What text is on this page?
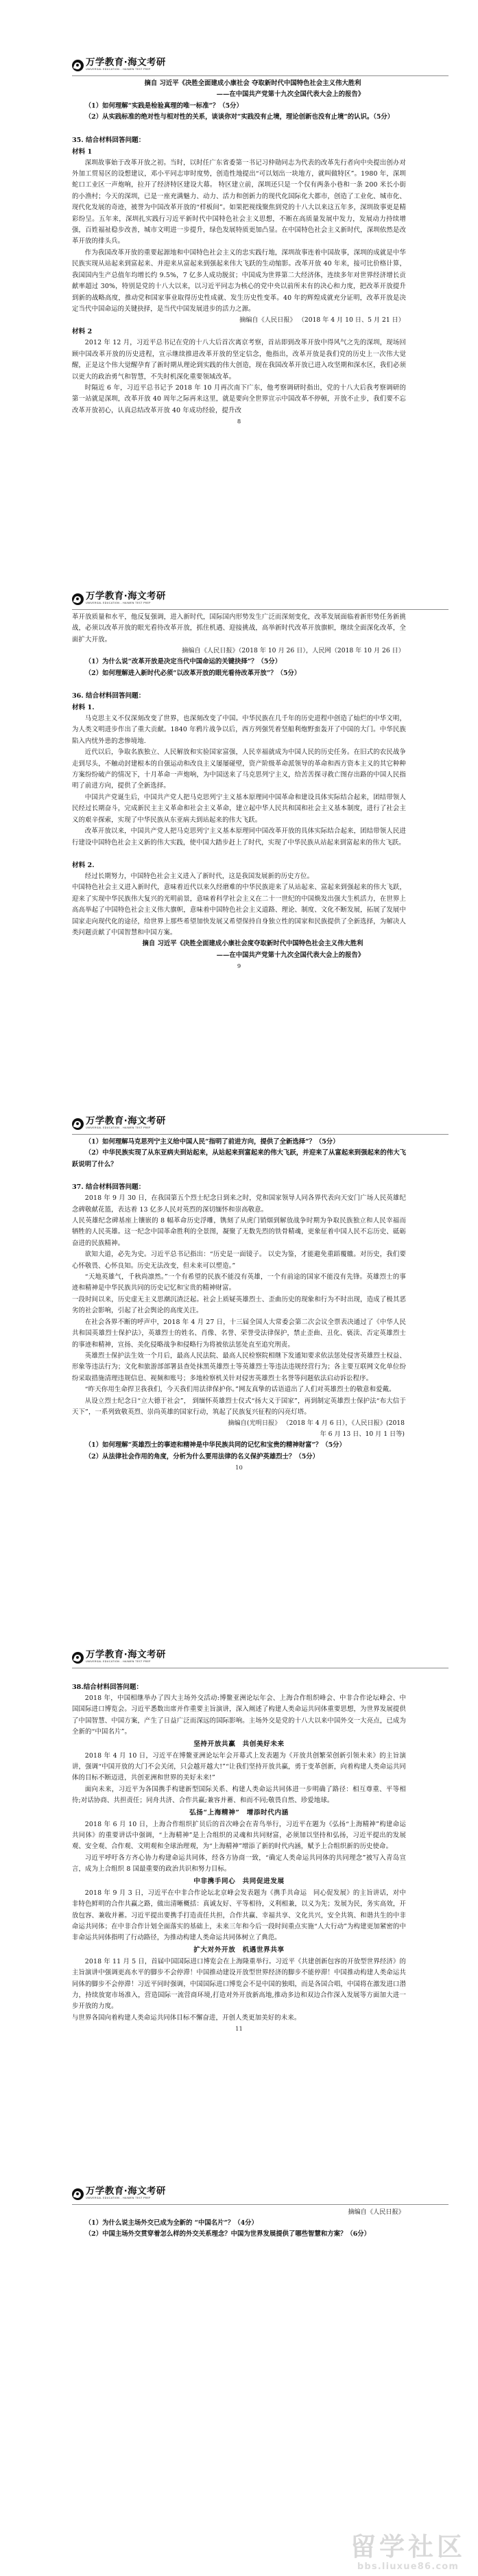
万学教育·海文考研
UNIVERSAL EDUCATION - HAIWEN TEST PREP

摘自 习近平《决胜全面建成小康社会 夺取新时代中国特色社会主义伟大胜利

——在中国共产党第十九次全国代表大会上的报告》

（1）如何理解“实践是检验真理的唯一标准”？（5分）

（2）从实践标准的绝对性与相对性的关系，谈谈你对“实践没有止境，理论创新也没有止境”的认识。（5分）

35. 结合材料回答问题：

材料 1

深圳故事始于改革开放之初。当时，以时任广东省委第一书记习仲勋同志为代表的改革先行者向中央提出创办对外加工贸易区的设想建议，邓小平同志审时度势，创造性地提出“可以划出一块地方，就叫做特区”。1980 年，深圳蛇口工业区一声炮响，拉开了经济特区建设大幕。 特区建立前，深圳还只是一个仅有两条小巷和一条 200 米长小街的小渔村；今天的深圳，已是一座充满魅力、动力、活力和创新力的现代化国际化大都市，创造了工业化、城市化、现代化发展的奇迹，被誉为中国改革开放的“样板间”。如果把视线聚焦到党的十八大以来这五年多，深圳故事更是精彩纷呈。五年来，深圳扎实践行习近平新时代中国特色社会主义思想，不断在高质量发展中发力，发展动力持续增强，百姓福祉稳步改善，城市文明进一步提升，绿色发展特质更加凸显。在中国特色社会主义新时代，深圳依然是改革开放的排头兵。

作为我国改革开放的重要起源地和中国特色社会主义的忠实践行地，深圳故事连着中国故事，深圳的成就是中华民族实现从站起来到富起来、并迎来从富起来到强起来伟大飞跃的生动缩影。改革开放 40 年来，接可比价格计算，我国国内生产总值年均增长约 9.5%，7 亿多人成功脱贫；中国成为世界第二大经济体，连续多年对世界经济增长贡献率超过 30%，特别是党的十八大以来，以习近平同志为核心的党中央以前所未有的决心和力度，把改革开放提升到新的战略高度，推动党和国家事业取得历史性成就、发生历史性变革。40 年的辉煌成就充分证明，改革开放是决定当代中国命运的关键抉择，是当代中国发展进步的活力之源。

摘编自《人民日报》 （2018 年 4 月 10 日、5 月 21 日）

材料 2

2012 年 12 月，习近平总书记在党的十八大后首次离京考察，首站即到改革开放中得风气之先的深圳，现场回顾中国改革开放的历史进程，宣示继续推进改革开放的坚定信念，他指出，改革开放是我们党的历史上一次伟大觉醒，正是这个伟大觉醒孕育了新时期从理论到实践的伟大创造，现在我国改革开放已进入攻坚期和深水区，我们必须以更大的政治勇气和智慧，不失时机深化重要领域改革。

时隔近 6 年，习近平总书记予 2018 年 10 月再次南下广东，他考察调研时指出，党的十八大后我考察调研的第一站就是深圳，改革开放 40 周年之际再来这里，就是要向全世界宣示中国改革不停顿，开放不止步，我们要不忘改革开放初心，认真总结改革开放 40 年成功经验，提升改

8

万学教育·海文考研
UNIVERSAL EDUCATION - HAIWEN TEST PREP

革开放质量和水平，他反复强调，进入新时代，国际国内形势发生广泛而深刻变化，改革发展面临着新形势任务新挑战，必须以改革开放的眼光看待改革开放，抓住机遇、迎接挑战，高举新时代改革开放旗帜，继续全面深化改革，全面扩大开放。

摘编自《人民日报》（2018 年 10 月 26 日），人民网（2018 年 10 月 26 日）

（1）为什么说“改革开放是决定当代中国命运的关键抉择”？（5分）

（2）如何理解进入新时代必须“以改革开放的眼光看待改革开放”？（5分）

36. 结合材料回答问题：

材料 1.

马克思主义不仅深刻改变了世界，也深刻改变了中国。中华民族在几千年的历史进程中创造了灿烂的中华文明，为人类文明进步作出了重大贡献。1840 年鸦片战争以后，西方列强凭着坚船利炮野蛮轰开了中国的大门。中华民族陷入内忧外患的悲惨境地.

近代以后，争取名族独立、人民解放和实验国家富强，人民幸福就成为中国人民的历史任务。在旧式的农民战争走到尽头，不触动封建根本的自强运动和改良主义屡屡碰壁，资产阶级革命派领导的革命和西方资本主义的其它种种方案纷纷破产的情况下，十月革命一声炮响，为中国送来了马克思列宁主义，给苦苦探寻救亡图存出路的中国人民指明了前进方向，提供了全新选择。

中国共产党诞生后，中国共产党人把马克思列宁主义基本原理同中国革命和建设具体实际结合起来，团结带领人民经过长期奋斗，完成新民主主义革命和社会主义革命，建立起中华人民共和国和社会主义基本制度，进行了社会主义的艰辛探索，实现了中华民族从东亚病夫到站起来的伟大飞跃。

改革开放以来，中国共产党人把马克思列宁主义基本原理同中国改革开放的具体实际结合起来，团结带领人民进行建设中国特色社会主义新的伟大实践，使中国大踏步赶上了时代，实现了中华民族从站起来到富起来的伟大飞跃。

材料 2.

经过长期努力，中国特色社会主义进入了新时代，这是我国发展新的历史方位。

中国特色社会主义进入新时代，意味着近代以来久经磨难的中华民族迎来了从站起来、富起来到强起来的伟大飞跃，迎来了实现中华民族伟大复兴的光明前景，意味着科学社会主义在二十一世纪的中国焕发出强大生机活力，在世界上高高举起了中国特色社会主义伟大旗帜，意味着中国特色社会主义道路、理论、制度、文化不断发展，拓展了发展中国家走向现代化的途径，给世界上那些希望加快发展又希望保持自身独立性的国家和民族提供了全新选择，为解决人类问题贡献了中国智慧和中国方案。

摘自 习近平《决胜全面建成小康社会度夺取新时代中国特色社会主义伟大胜利

——在中国共产党第十九次全国代表大会上的报告》

9

万学教育·海文考研
UNIVERSAL EDUCATION - HAIWEN TEST PREP

（1）如何理解马克思列宁主义给中国人民“指明了前进方向，提供了全新选择”？（5分）

（2）中华民族实现了从东亚病夫到站起来，从站起来到富起来的伟大飞跃，并迎来了从富起来到强起来的伟大飞跃说明了什么？

37. 结合材料回答问题：

2018 年 9 月 30 日，在我国第五个烈士纪念日到来之时，党和国家领导人同各界代表向天安门广场人民英雄纪念碑敬献花篮，表达着 13 亿多人民对英烈的深切缅怀和崇高敬意。

人民英雄纪念碑基座上镶嵌的 8 幅革命历史浮雕，镌刻了从虎门销烟到解放战争时期为争取民族独立和人民幸福而牺牲的人民英雄。这一纪念中国革命胜利的全景图，凝聚了无数先烈的铁骨精魂，更象征着中国人民不忘历史、砥砺奋进的民族精神。

欲知大道，必先为史。习近平总书记指出：“历史是一面镜子。 以史为鉴，才能避免重蹈覆辙。对历史，我们要心怀敬畏、心怀良知。历史无法改变，但未来可以塑造。”

“天地英雄气，千秋尚凛然。”一个有希望的民族不能没有英雄，一个有前途的国家不能没有先锋。英雄烈士的事迹和精神是中华民族共同的历史记忆和宝贵的精神财富。

一段时间以来，历史虚无主义思潮沉渣泛起。社会上质疑英雄烈士、歪曲历史的现象和行为不时出现，造成了极其恶劣的社会影响，引起了社会舆论的高度关注。

在社会各界不断的呼声中，2018 年 4 月 27 日，十三届全国人大常委会第二次会议全票表决通过了《中华人民共和国英雄烈士保护法》，英雄烈士的姓名、肖像、名誉、荣誉受法律保护，禁止歪曲、丑化、亵渎、否定英雄烈士的事迹和精神，宣扬、美化侵略战争和侵略行为将被依法惩处直至追究刑责。

英雄烈士保护法生效一个月后，最高人民法院、最高人民检察院相继下发通知要求依法惩处侵害英雄烈士权益、形象等违法行为；文化和旅游部部署县查处抹黑英雄烈士等英雄烈士等违法违规经营行为；各主要互联网文化单位纷纷采取措施清理违规信息、视频和账号；多地检察机关针对侵害英雄烈士名誉等问题依法启动诉讼程序。

“昨天你用生命捍卫我我们，今天我们用法律保护你。”网友真挚的话语道出了人们对英雄烈士的敬意和爱戴。

从设立烈士纪念日“立大德于社会”， 到缅怀英雄烈士仪式“扬大义于国家”，再到制定英雄烈士保护法“布大信于天下”，一系列致敬英烈、崇尚英雄的国家行动，筑起了民族复兴征程的闪亮灯塔。

摘编自(光明日报》 （2018 年 4 月 6 日），《人民日报》(2018

年 6 月 13 日、10 月 1 日等)

（1）如何理解“英雄烈士的事迹和精神是中华民族共同的记忆和宝贵的精神财富”？（5分）

（2）从法律社会作用的角度，分析为什么要用法律的名义保护英雄烈士？（5分）

10

万学教育·海文考研
UNIVERSAL EDUCATION - HAIWEN TEST PREP

38.结合材料回答问题：

2018 年，中国相继举办了四大主场外交活动:博鳌亚洲论坛年会、上海合作组织峰会、中非合作论坛峰会、中国国际进口博览会。习近平悉数出席并作重要主旨演讲，深入阐述了构建人类命运共同体重要思想，为世界发展提供了中国智慧、中国方案，产生了日益广泛而深远的国际影响。主场外交是党的十八大以来中国外交一大亮点，已成为全新的“中国名片”。

坚持开放共赢　共创美好未来

2018 年 4 月 10 日，习近平在博鳌亚洲论坛年会开幕式上发表题为《开放共创繁荣创新引领未来》的主旨演讲，强调“中国开放的大门不会关闭，只会越开越大!”“让我们坚持开放共赢，勇于变革创新，向着构建人类命运共同体的目标不断迈进，共创亚洲和世界的美好未来!”

面向未来，习近平为各国携手构建新型国际关系、构建人类命运共同体进一步明确了路径：相互尊重、平等相待;对话协商、共担责任；同舟共济、合作共赢;兼容并蓄、和而不同;敬畏自然、珍爱地球。

弘扬“上海精神”　增添时代内涵

2018 年 6 月 10 日，上海合作组织扩员后的首次峰会在青鸟举行，习近平在题为《弘扬“上海精神”构建命运共同体》的重要讲话中强调，“上海精神”是上合组织的灵魂和共同财富，必须加以坚持和弘扬，习近平提出的发展观、安全观、合作观、文明观和全球治理观，为“上海精神”增添了新的时代内涵，赋予上合组织新的历史使命。

习近平呼吁各方齐心协力构建命运共同体，经各方协商一致，“确定人类命运共同体的共同理念”被写入青岛宣言，成为上合组织 8 国最重要的政治共识和努力目标。

中非携手同心　共同促进发展

2018 年 9 月 3 日，习近平在中非合作论坛北京峰会发表题为《携手共命运　同心促发展》的主旨讲话，对中非特色鲜明的合作共赢之路，做出清晰概括：真诚友好、平等相待，义利相兼，以义为先；发展为民，务实高效，开放包容、兼收并蓄。习近平提出要携手打造责任共担，合作共赢、幸福共享、文化共兴，安全共筑、和谐共生的中非命运共同体；在中非合作计划全面落实的基础上，未来三年和今后一段时间重点实施“人大行动”为构建更加紧密的中非命运共同体指明了行动路径，为推动构建人类命运共同体树立了典范。

扩大对外开放　机遇世界共享

2018 年 11 月 5 日，首届中国国际进口博览会在上海隆重举行。习近平《共建创新包容的开放型世界经济》的主旨演讲中强调更高水平的脚步不会停滞！中国推动建设开放型世界经济的脚步不能停滞！中国推动构建人类命运共同体的脚步不会停滞！习近平同时强调，中国国际进口博览会不是中国的独唱，而是各国合唱，中国将在激发进口潜力，持续放宽市场准入，营造国际一流营商环境,打造对外开放新高地,推动多边和双边合作深入发展等方面加大进一步开放的力度。

与世界各国向着构建人类命运共同体目标不懈奋进，开创人类更加美好的未来。

11

万学教育·海文考研
UNIVERSAL EDUCATION - HAIWEN TEST PREP

摘编自《人民日报》

（1）为什么说主场外交已成为全新的 “中国名片”？（4分）

（2）中国主场外交贯穿着怎么样的外交关系理念？中国为世界发展提供了哪些智慧和方案？（6分）

留学社区
bbs.liuxue86.com
